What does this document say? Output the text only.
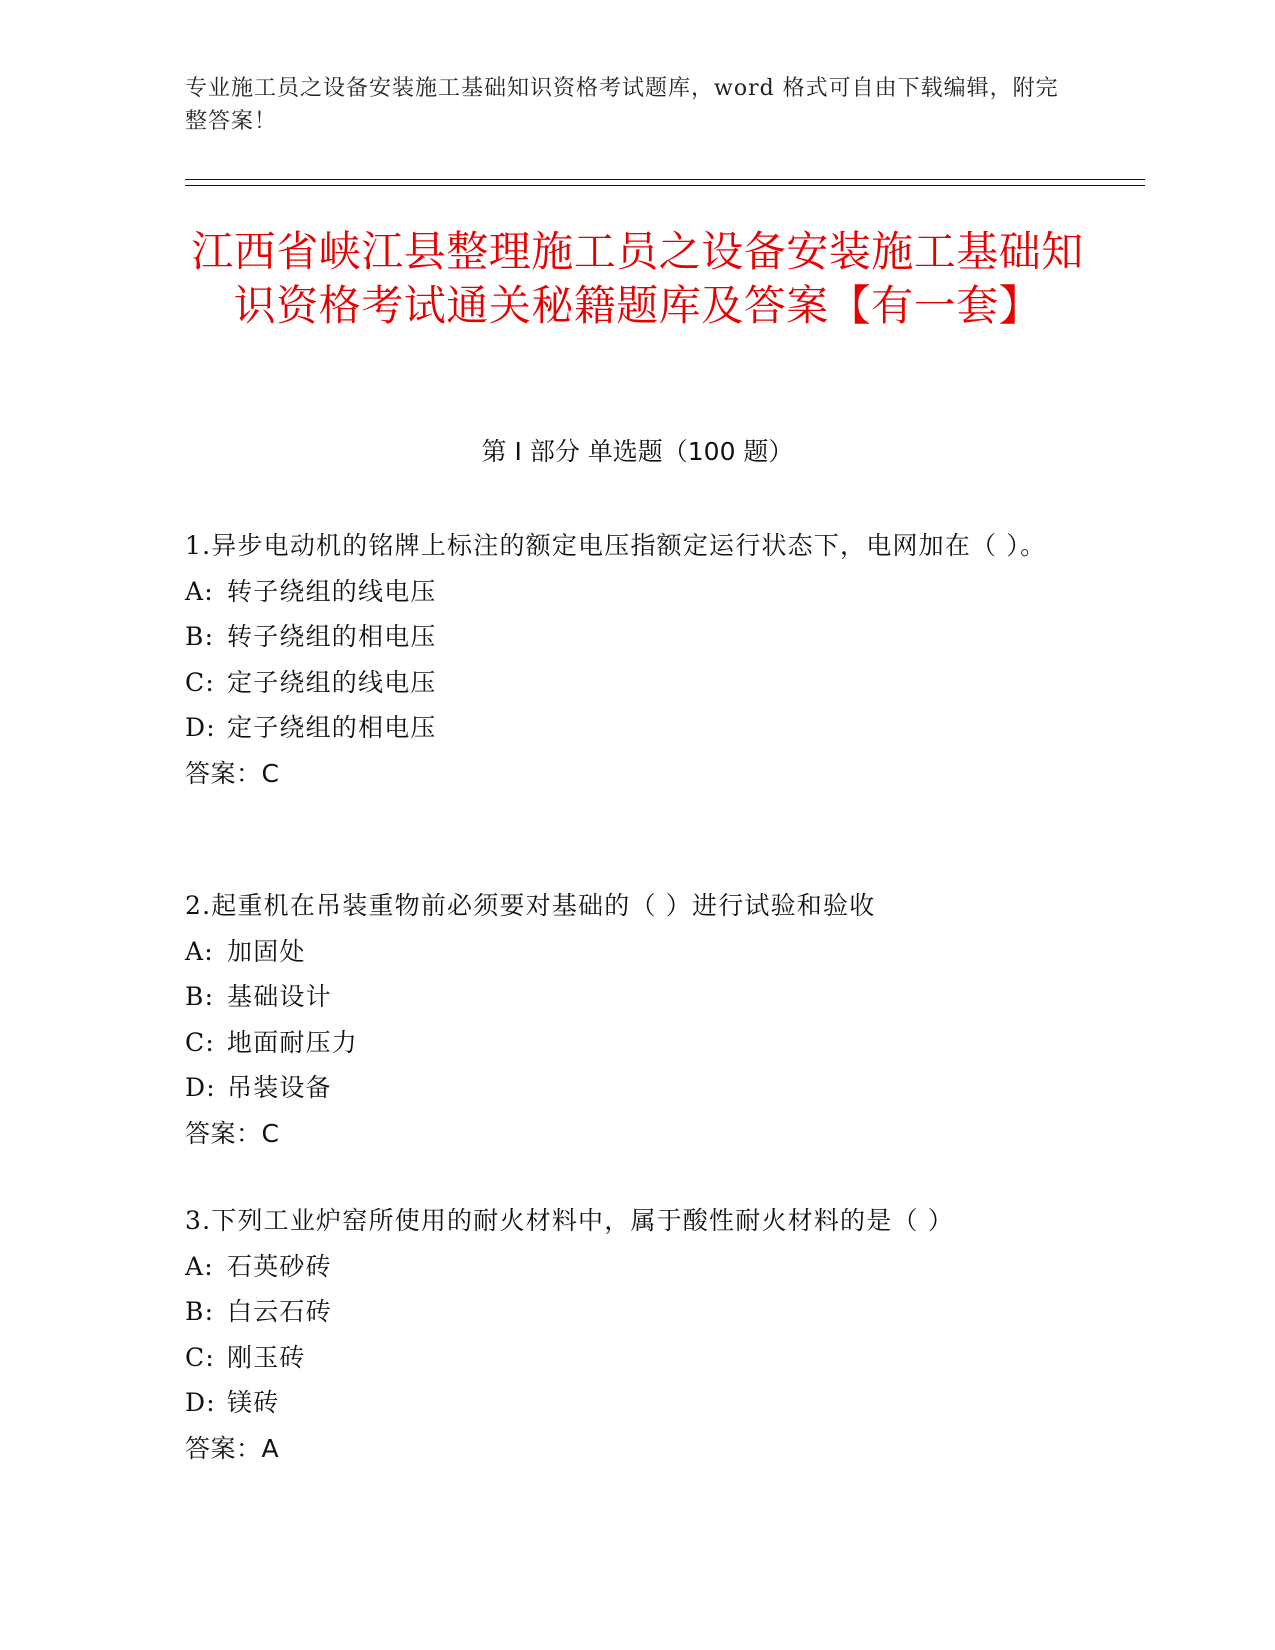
专业施工员之设备安装施工基础知识资格考试题库，word 格式可自由下载编辑，附完整答案！
江西省峡江县整理施工员之设备安装施工基础知识资格考试通关秘籍题库及答案【有一套】
第 I 部分 单选题（100 题）
1.异步电动机的铭牌上标注的额定电压指额定运行状态下，电网加在（ ）。
A: 转子绕组的线电压
B: 转子绕组的相电压
C: 定子绕组的线电压
D: 定子绕组的相电压
答案：C
2.起重机在吊装重物前必须要对基础的（ ）进行试验和验收
A: 加固处
B: 基础设计
C: 地面耐压力
D: 吊装设备
答案：C
3.下列工业炉窑所使用的耐火材料中，属于酸性耐火材料的是（ ）
A: 石英砂砖
B: 白云石砖
C: 刚玉砖
D: 镁砖
答案：A
